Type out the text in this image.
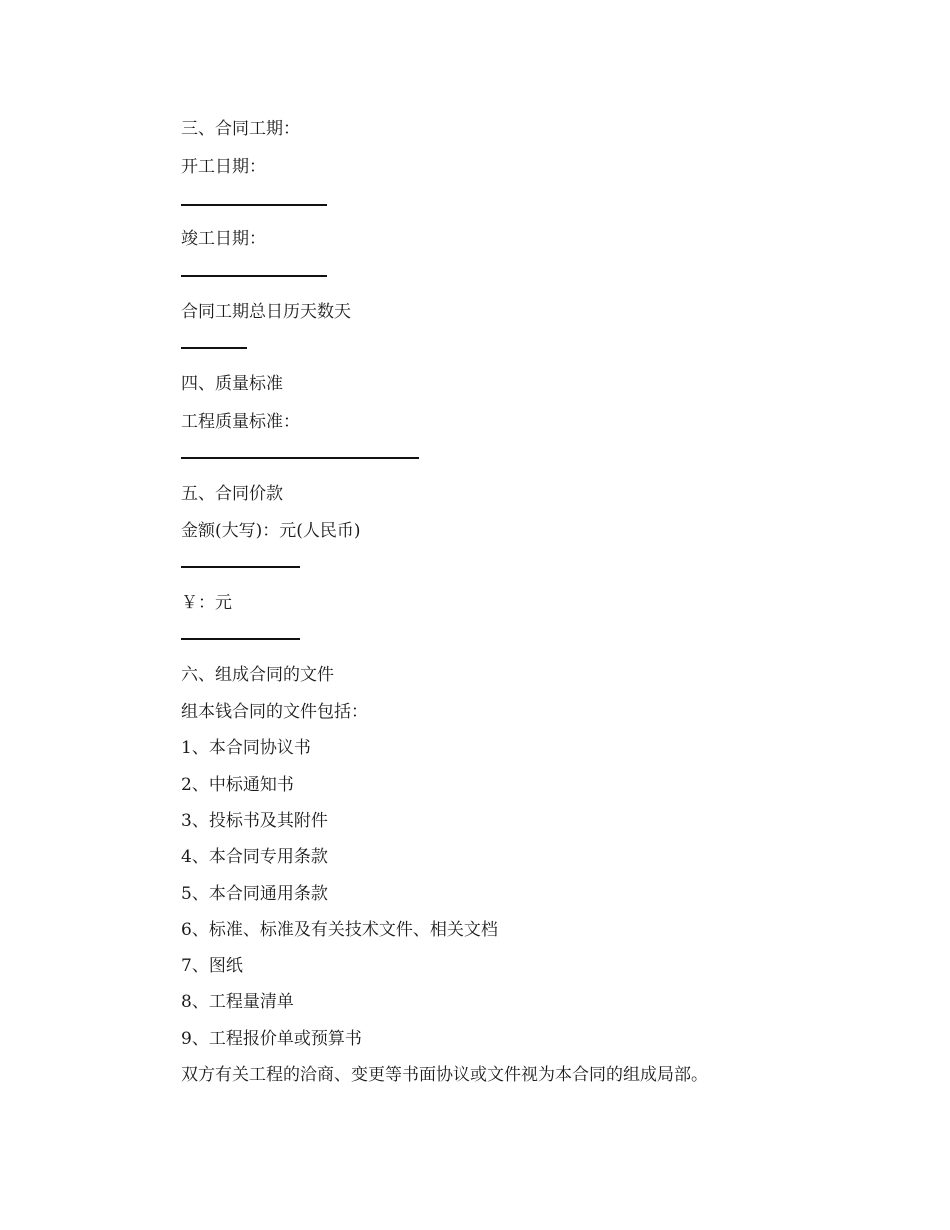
三、合同工期：

开工日期：

竣工日期：

合同工期总日历天数天

四、质量标准

工程质量标准：

五、合同价款

金额(大写)：元(人民币)

￥：元

六、组成合同的文件

组本钱合同的文件包括：

1、本合同协议书

2、中标通知书

3、投标书及其附件

4、本合同专用条款

5、本合同通用条款

6、标准、标准及有关技术文件、相关文档

7、图纸

8、工程量清单

9、工程报价单或预算书

双方有关工程的洽商、变更等书面协议或文件视为本合同的组成局部。
